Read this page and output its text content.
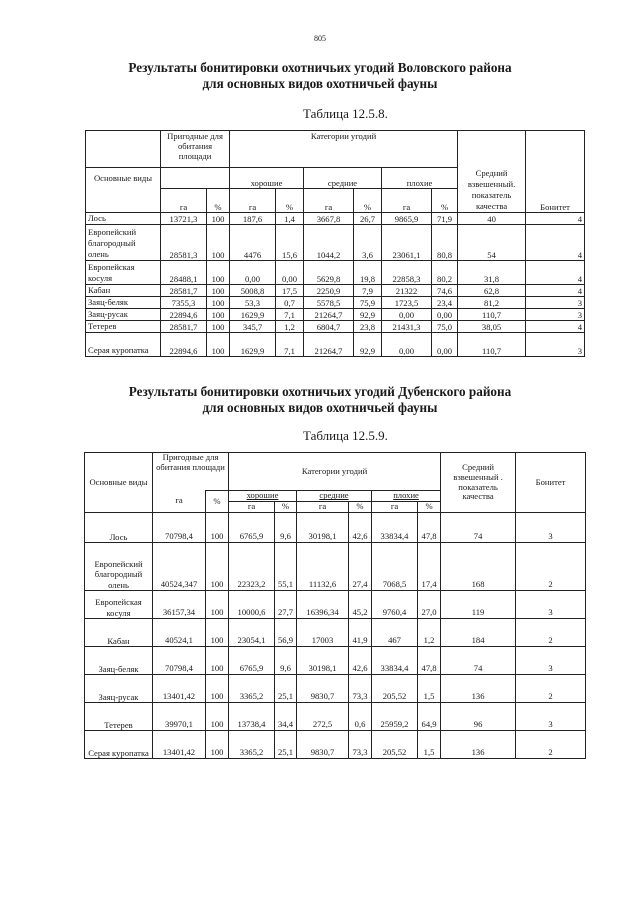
805
Результаты бонитировки охотничьих угодий Воловского района
для основных видов охотничьей фауны
Таблица 12.5.8.
	Пригодные для обитания площади		Категории угодий							
Основные виды			хорошие		средние		плохие		Средний взвешенный. показатель качества	Бонитет
	га	%	га	%	га	%	га	%		
Лось	13721,3	100	187,6	1,4	3667,8	26,7	9865,9	71,9	40	4
Европейский благородный олень	28581,3	100	4476	15,6	1044,2	3,6	23061,1	80,8	54	4
Европейская косуля	28488,1	100	0,00	0,00	5629,8	19,8	22858,3	80,2	31,8	4
Кабан	28581,7	100	5008,8	17,5	2250,9	7,9	21322	74,6	62,8	4
Заяц-беляк	7355,3	100	53,3	0,7	5578,5	75,9	1723,5	23,4	81,2	3
Заяц-русак	22894,6	100	1629,9	7,1	21264,7	92,9	0,00	0,00	110,7	3
Тетерев	28581,7	100	345,7	1,2	6804,7	23,8	21431,3	75,0	38,05	4
Серая куропатка	22894,6	100	1629,9	7,1	21264,7	92,9	0,00	0,00	110,7	3
Результаты бонитировки охотничьих угодий Дубенского района
для основных видов охотничьей фауны
Таблица 12.5.9.
Основные виды	Пригодные для обитания площади		Категории угодий						Средний взвешенный . показатель качества	Бонитет
	га	%	хорошие		средние		плохие			
			га	%	га	%	га	%		
Лось	70798,4	100	6765,9	9,6	30198,1	42,6	33834,4	47,8	74	3
Европейский благородный олень	40524,347	100	22323,2	55,1	11132,6	27,4	7068,5	17,4	168	2
Европейская косуля	36157,34	100	10000,6	27,7	16396,34	45,2	9760,4	27,0	119	3
Кабан	40524,1	100	23054,1	56,9	17003	41,9	467	1,2	184	2
Заяц-беляк	70798,4	100	6765,9	9,6	30198,1	42,6	33834,4	47,8	74	3
Заяц-русак	13401,42	100	3365,2	25,1	9830,7	73,3	205,52	1,5	136	2
Тетерев	39970,1	100	13738,4	34,4	272,5	0,6	25959,2	64,9	96	3
Серая куропатка	13401,42	100	3365,2	25,1	9830,7	73,3	205,52	1,5	136	2
